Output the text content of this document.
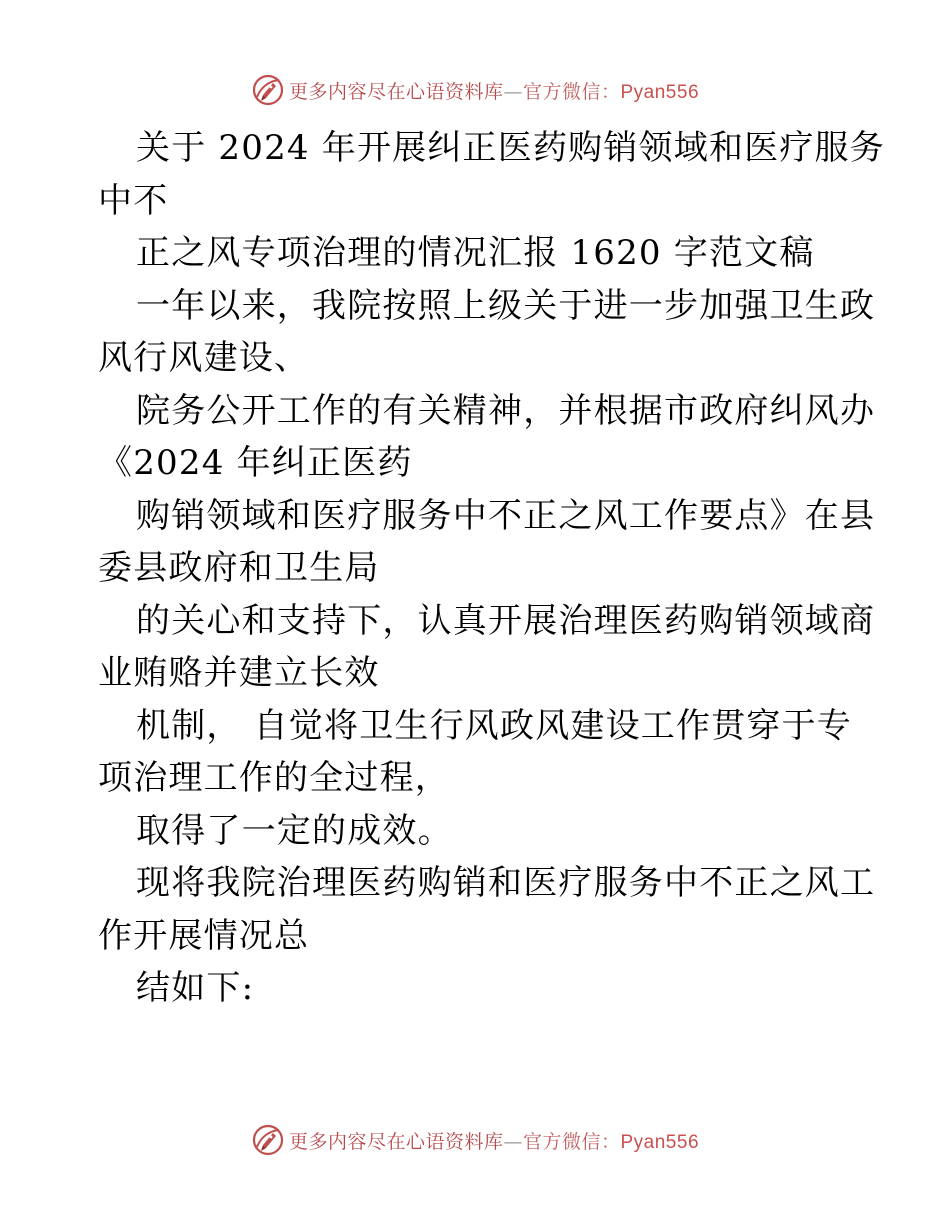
更多内容尽在心语资料库—官方微信：Pyan556
关于 2024 年开展纠正医药购销领域和医疗服务
中不
正之风专项治理的情况汇报 1620 字范文稿
一年以来，我院按照上级关于进一步加强卫生政
风行风建设、
院务公开工作的有关精神，并根据市政府纠风办
《2024 年纠正医药
购销领域和医疗服务中不正之风工作要点》在县
委县政府和卫生局
的关心和支持下，认真开展治理医药购销领域商
业贿赂并建立长效
机制， 自觉将卫生行风政风建设工作贯穿于专
项治理工作的全过程，
取得了一定的成效。
现将我院治理医药购销和医疗服务中不正之风工
作开展情况总
结如下:
更多内容尽在心语资料库—官方微信：Pyan556
